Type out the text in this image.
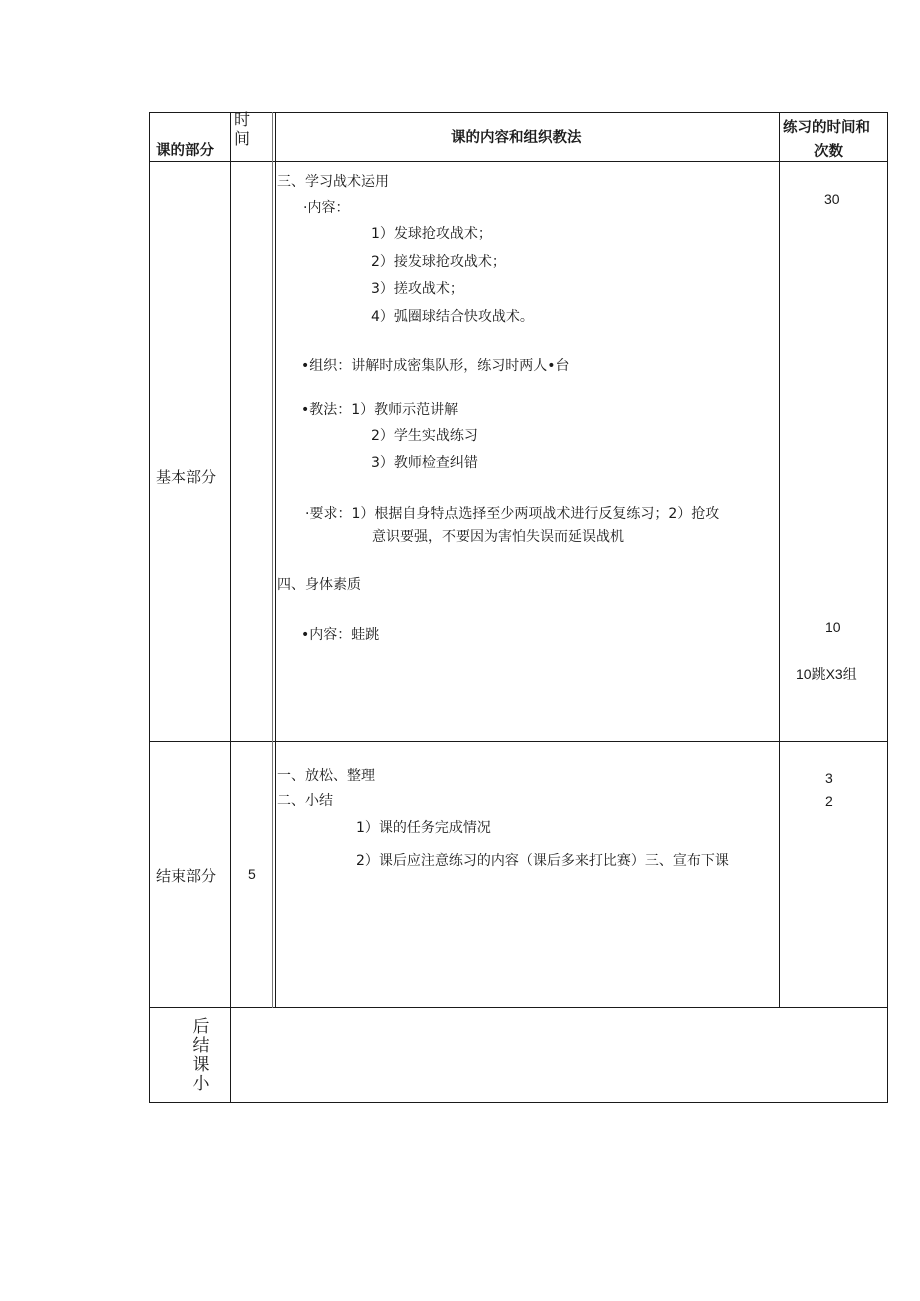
课的部分
时
间	课的内容和组织教法
练习的时间和
次数
基本部分
三、学习战术运用
·内容：
1）发球抢攻战术；
2）接发球抢攻战术；
3）搓攻战术；
4）弧圈球结合快攻战术。
•组织：讲解时成密集队形，练习时两人•台
•教法：1）教师示范讲解
2）学生实战练习
3）教师检查纠错
·要求：1）根据自身特点选择至少两项战术进行反复练习；2）抢攻
意识要强，不要因为害怕失误而延误战机
四、身体素质
•内容：蛙跳
30
10
10跳X3组
结束部分 5
一、放松、整理
二、小结
1）课的任务完成情况
2）课后应注意练习的内容（课后多来打比赛）三、宣布下课
3
2
后
结
课
小
